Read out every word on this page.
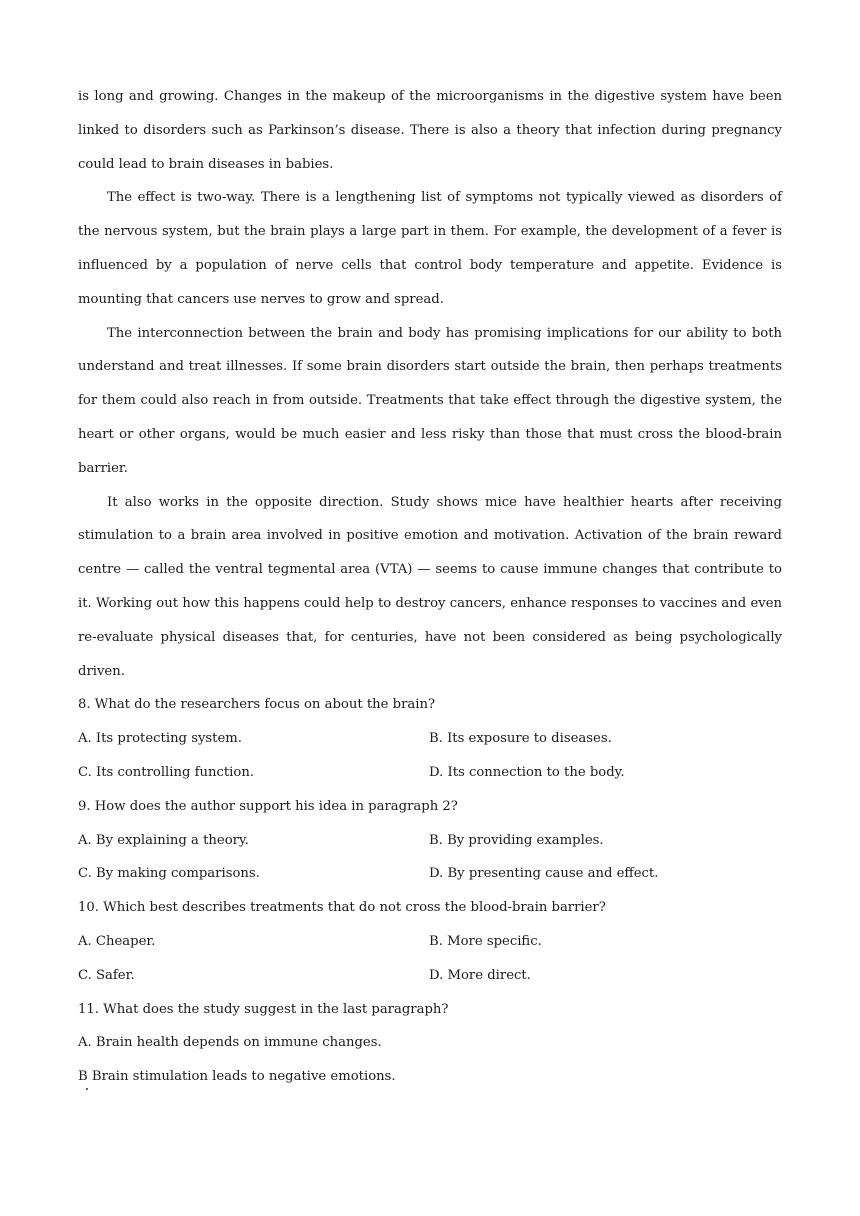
is long and growing. Changes in the makeup of the microorganisms in the digestive system have been linked to disorders such as Parkinson’s disease. There is also a theory that infection during pregnancy could lead to brain diseases in babies.

The effect is two-way. There is a lengthening list of symptoms not typically viewed as disorders of the nervous system, but the brain plays a large part in them. For example, the development of a fever is influenced by a population of nerve cells that control body temperature and appetite. Evidence is mounting that cancers use nerves to grow and spread.

The interconnection between the brain and body has promising implications for our ability to both understand and treat illnesses. If some brain disorders start outside the brain, then perhaps treatments for them could also reach in from outside. Treatments that take effect through the digestive system, the heart or other organs, would be much easier and less risky than those that must cross the blood-brain barrier.

It also works in the opposite direction. Study shows mice have healthier hearts after receiving stimulation to a brain area involved in positive emotion and motivation. Activation of the brain reward centre — called the ventral tegmental area (VTA) — seems to cause immune changes that contribute to it. Working out how this happens could help to destroy cancers, enhance responses to vaccines and even re-evaluate physical diseases that, for centuries, have not been considered as being psychologically driven.

8. What do the researchers focus on about the brain?
A. Its protecting system.	B. Its exposure to diseases.
C. Its controlling function.	D. Its connection to the body.
9. How does the author support his idea in paragraph 2?
A. By explaining a theory.	B. By providing examples.
C. By making comparisons.	D. By presenting cause and effect.
10. Which best describes treatments that do not cross the blood-brain barrier?
A. Cheaper.	B. More specific.
C. Safer.	D. More direct.
11. What does the study suggest in the last paragraph?
A. Brain health depends on immune changes.
B Brain stimulation leads to negative emotions.
